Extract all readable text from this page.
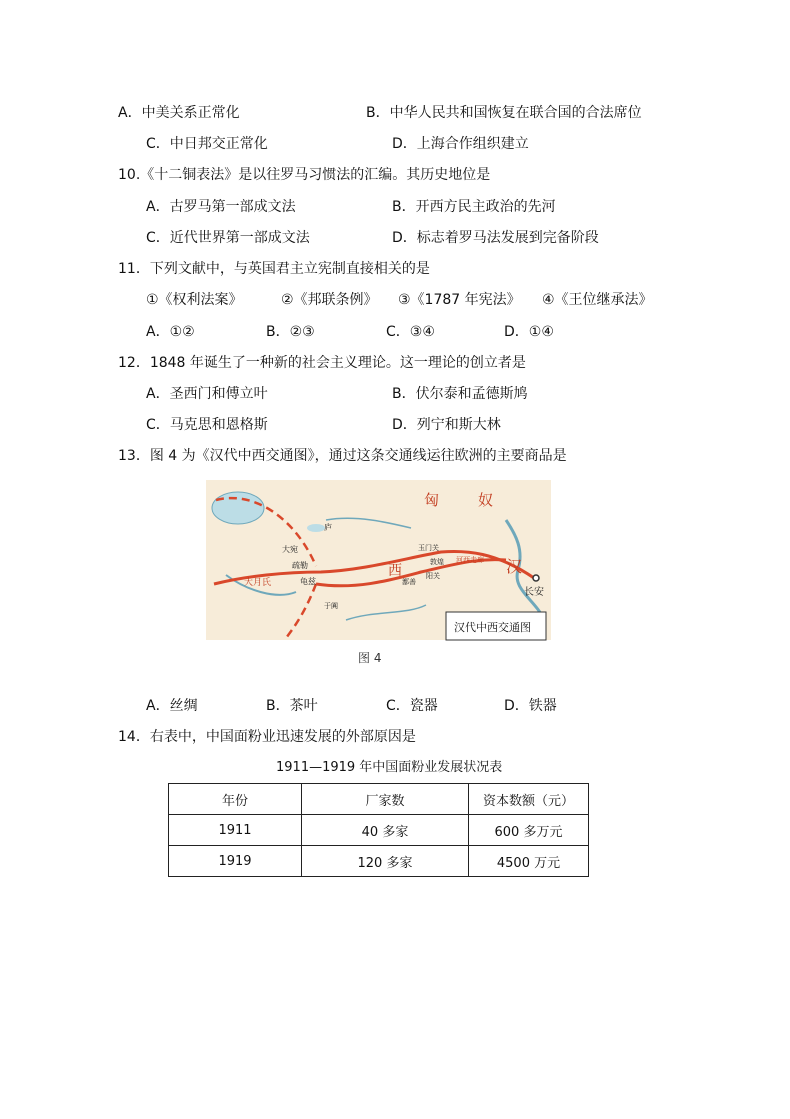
A．中美关系正常化	B．中华人民共和国恢复在联合国的合法席位
C．中日邦交正常化	D．上海合作组织建立
10.《十二铜表法》是以往罗马习惯法的汇编。其历史地位是
A．古罗马第一部成文法	B．开西方民主政治的先河
C．近代世界第一部成文法	D．标志着罗马法发展到完备阶段
11．下列文献中，与英国君主立宪制直接相关的是
①《权利法案》	②《邦联条例》 ③《1787 年宪法》 ④《王位继承法》
A．①②	B．②③	C．③④	D．①④
12．1848 年诞生了一种新的社会主义理论。这一理论的创立者是
A．圣西门和傅立叶	B．伏尔泰和孟德斯鸠
C．马克思和恩格斯	D．列宁和斯大林
13．图 4 为《汉代中西交通图》，通过这条交通线运往欧洲的主要商品是
匈	奴
汉
长安
西
玉门关
敦煌
阳关
河西走廊
鄯善
大宛
疏勒
龟兹
大月氏
于阗
庐
汉代中西交通图
图 4
A．丝绸	B．茶叶	C．瓷器	D．铁器
14．右表中，中国面粉业迅速发展的外部原因是
1911—1919 年中国面粉业发展状况表
年份	厂家数	资本数额（元）
1911	40 多家	600 多万元
1919	120 多家	4500 万元
